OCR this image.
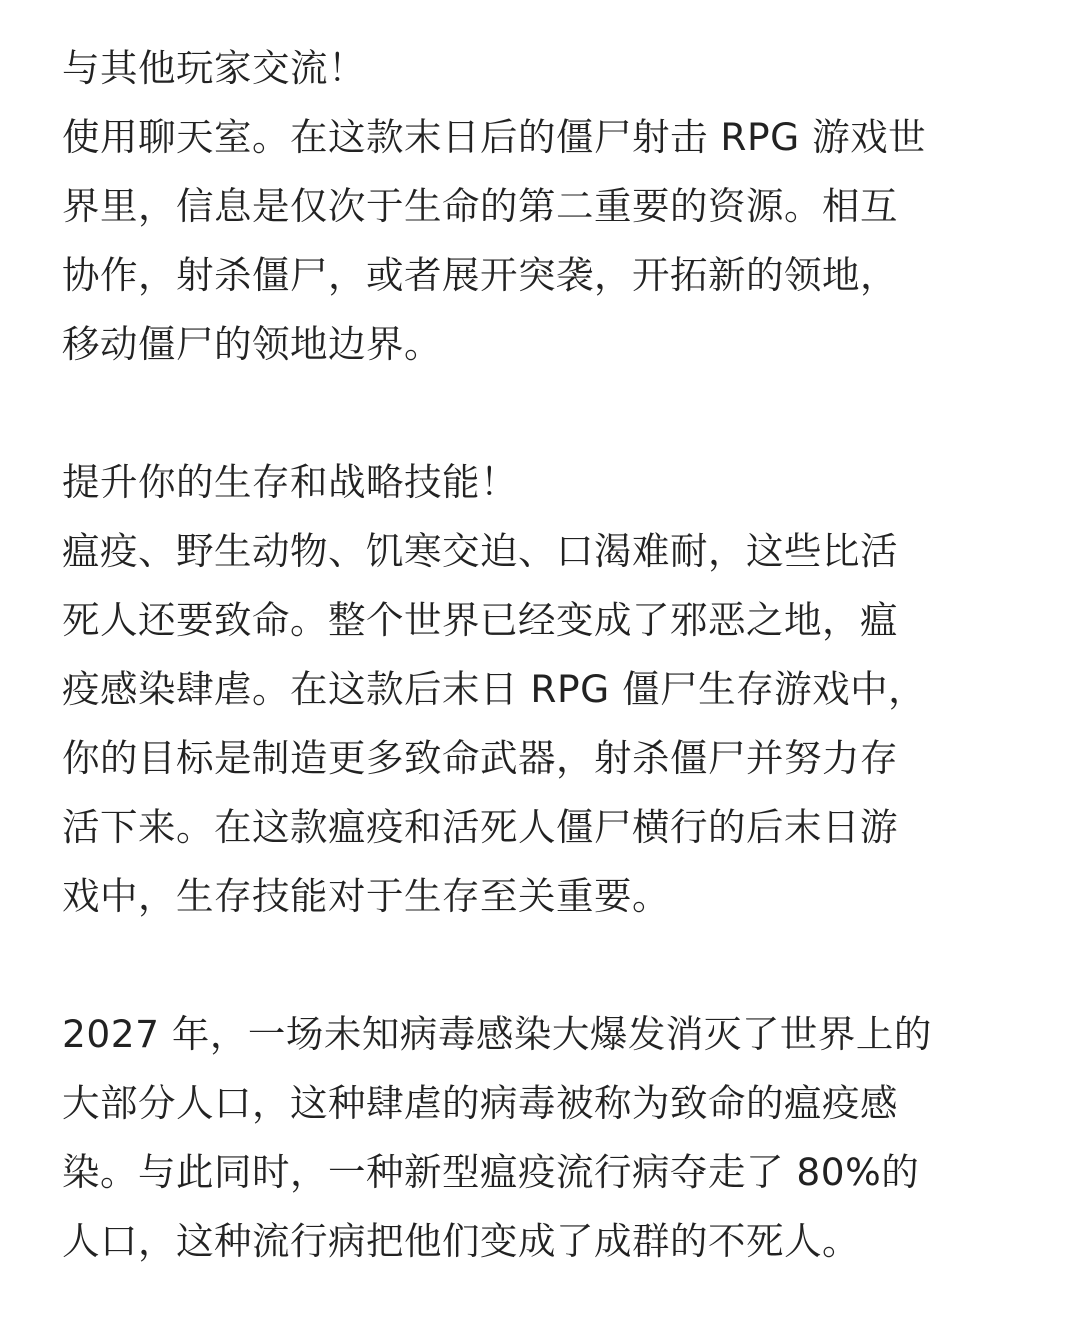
与其他玩家交流！
使用聊天室。在这款末日后的僵尸射击 RPG 游戏世
界里，信息是仅次于生命的第二重要的资源。相互
协作，射杀僵尸，或者展开突袭，开拓新的领地，
移动僵尸的领地边界。
提升你的生存和战略技能！
瘟疫、野生动物、饥寒交迫、口渴难耐，这些比活
死人还要致命。整个世界已经变成了邪恶之地，瘟
疫感染肆虐。在这款后末日 RPG 僵尸生存游戏中，
你的目标是制造更多致命武器，射杀僵尸并努力存
活下来。在这款瘟疫和活死人僵尸横行的后末日游
戏中，生存技能对于生存至关重要。
2027 年，一场未知病毒感染大爆发消灭了世界上的
大部分人口，这种肆虐的病毒被称为致命的瘟疫感
染。与此同时，一种新型瘟疫流行病夺走了 80%的
人口，这种流行病把他们变成了成群的不死人。
